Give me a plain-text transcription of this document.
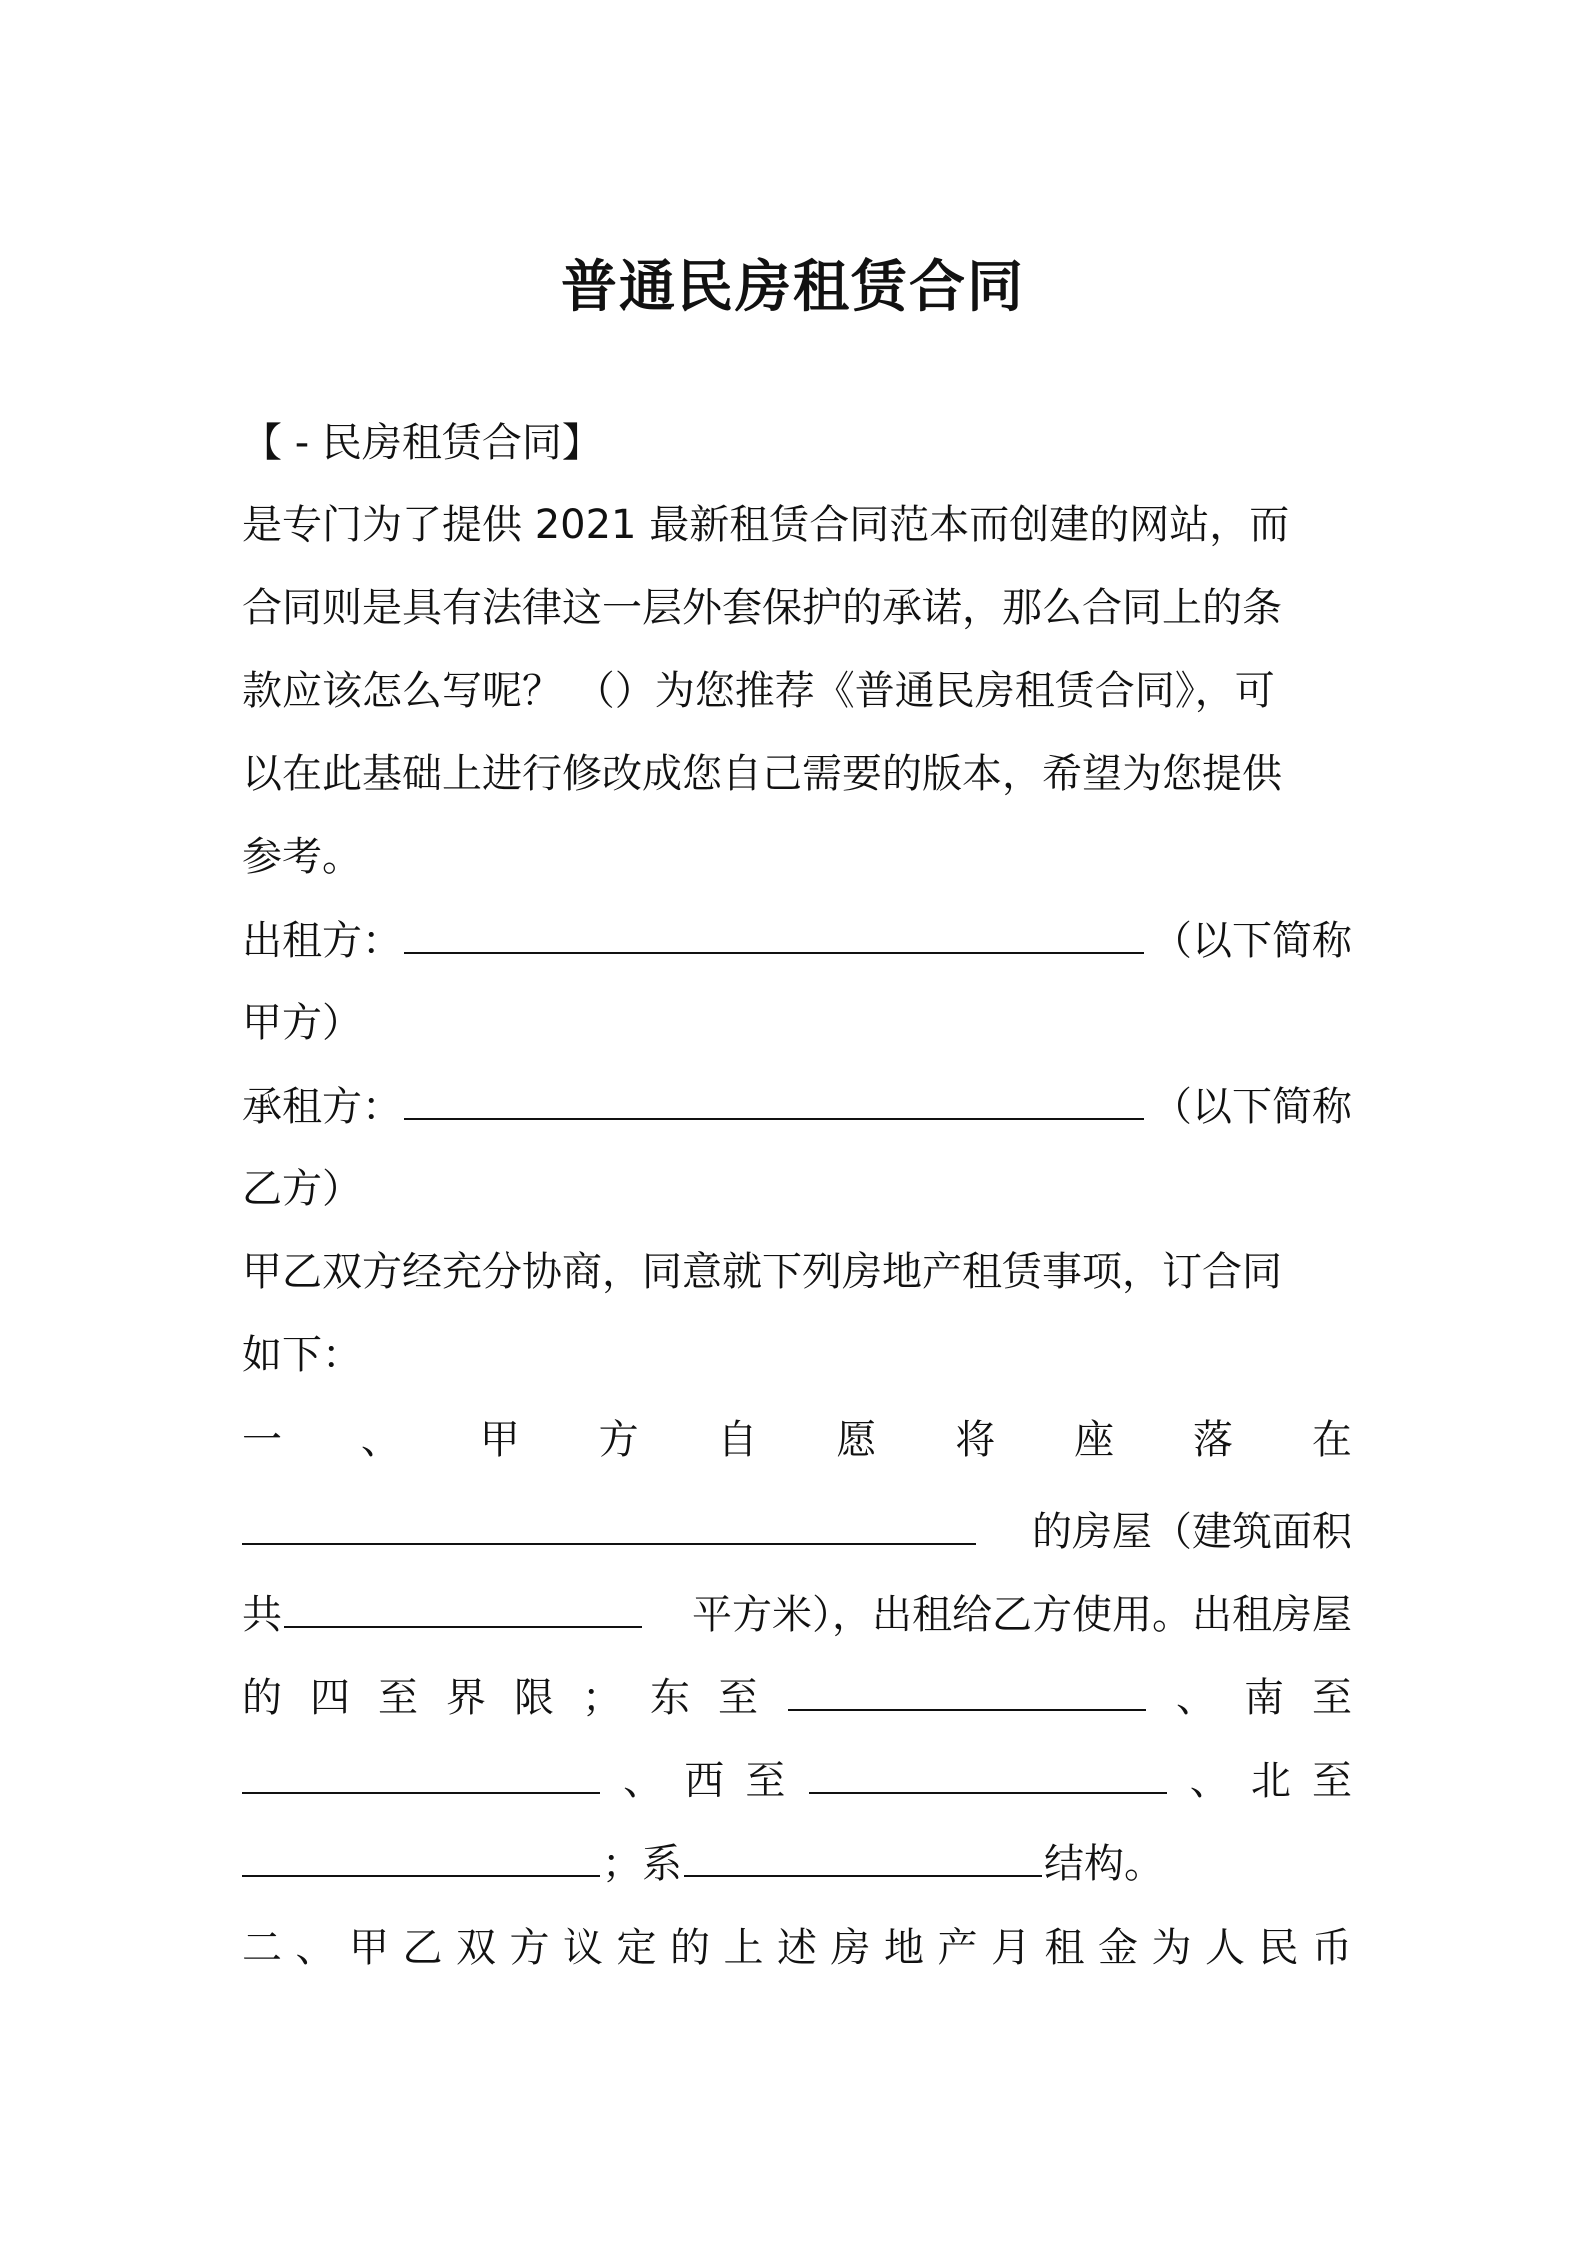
普通民房租赁合同
【 - 民房租赁合同】
是专门为了提供 2021 最新租赁合同范本而创建的网站，而
合同则是具有法律这一层外套保护的承诺，那么合同上的条
款应该怎么写呢？ （）为您推荐《普通民房租赁合同》，可
以在此基础上进行修改成您自己需要的版本，希望为您提供
参考。
出租方：	（以下简称
甲方）
承租方：	（以下简称
乙方）
甲乙双方经充分协商，同意就下列房地产租赁事项，订合同
如下：
一 、 甲 方 自 愿 将 座 落 在
的房屋（建筑面积
共	平方米），出租给乙方使用。出租房屋
的 四 至 界 限 ； 东 至	、 南 至
、 西 至	、 北 至
；系	结构。
二 、 甲 乙 双 方 议 定 的 上 述 房 地 产 月 租 金 为 人 民 币
